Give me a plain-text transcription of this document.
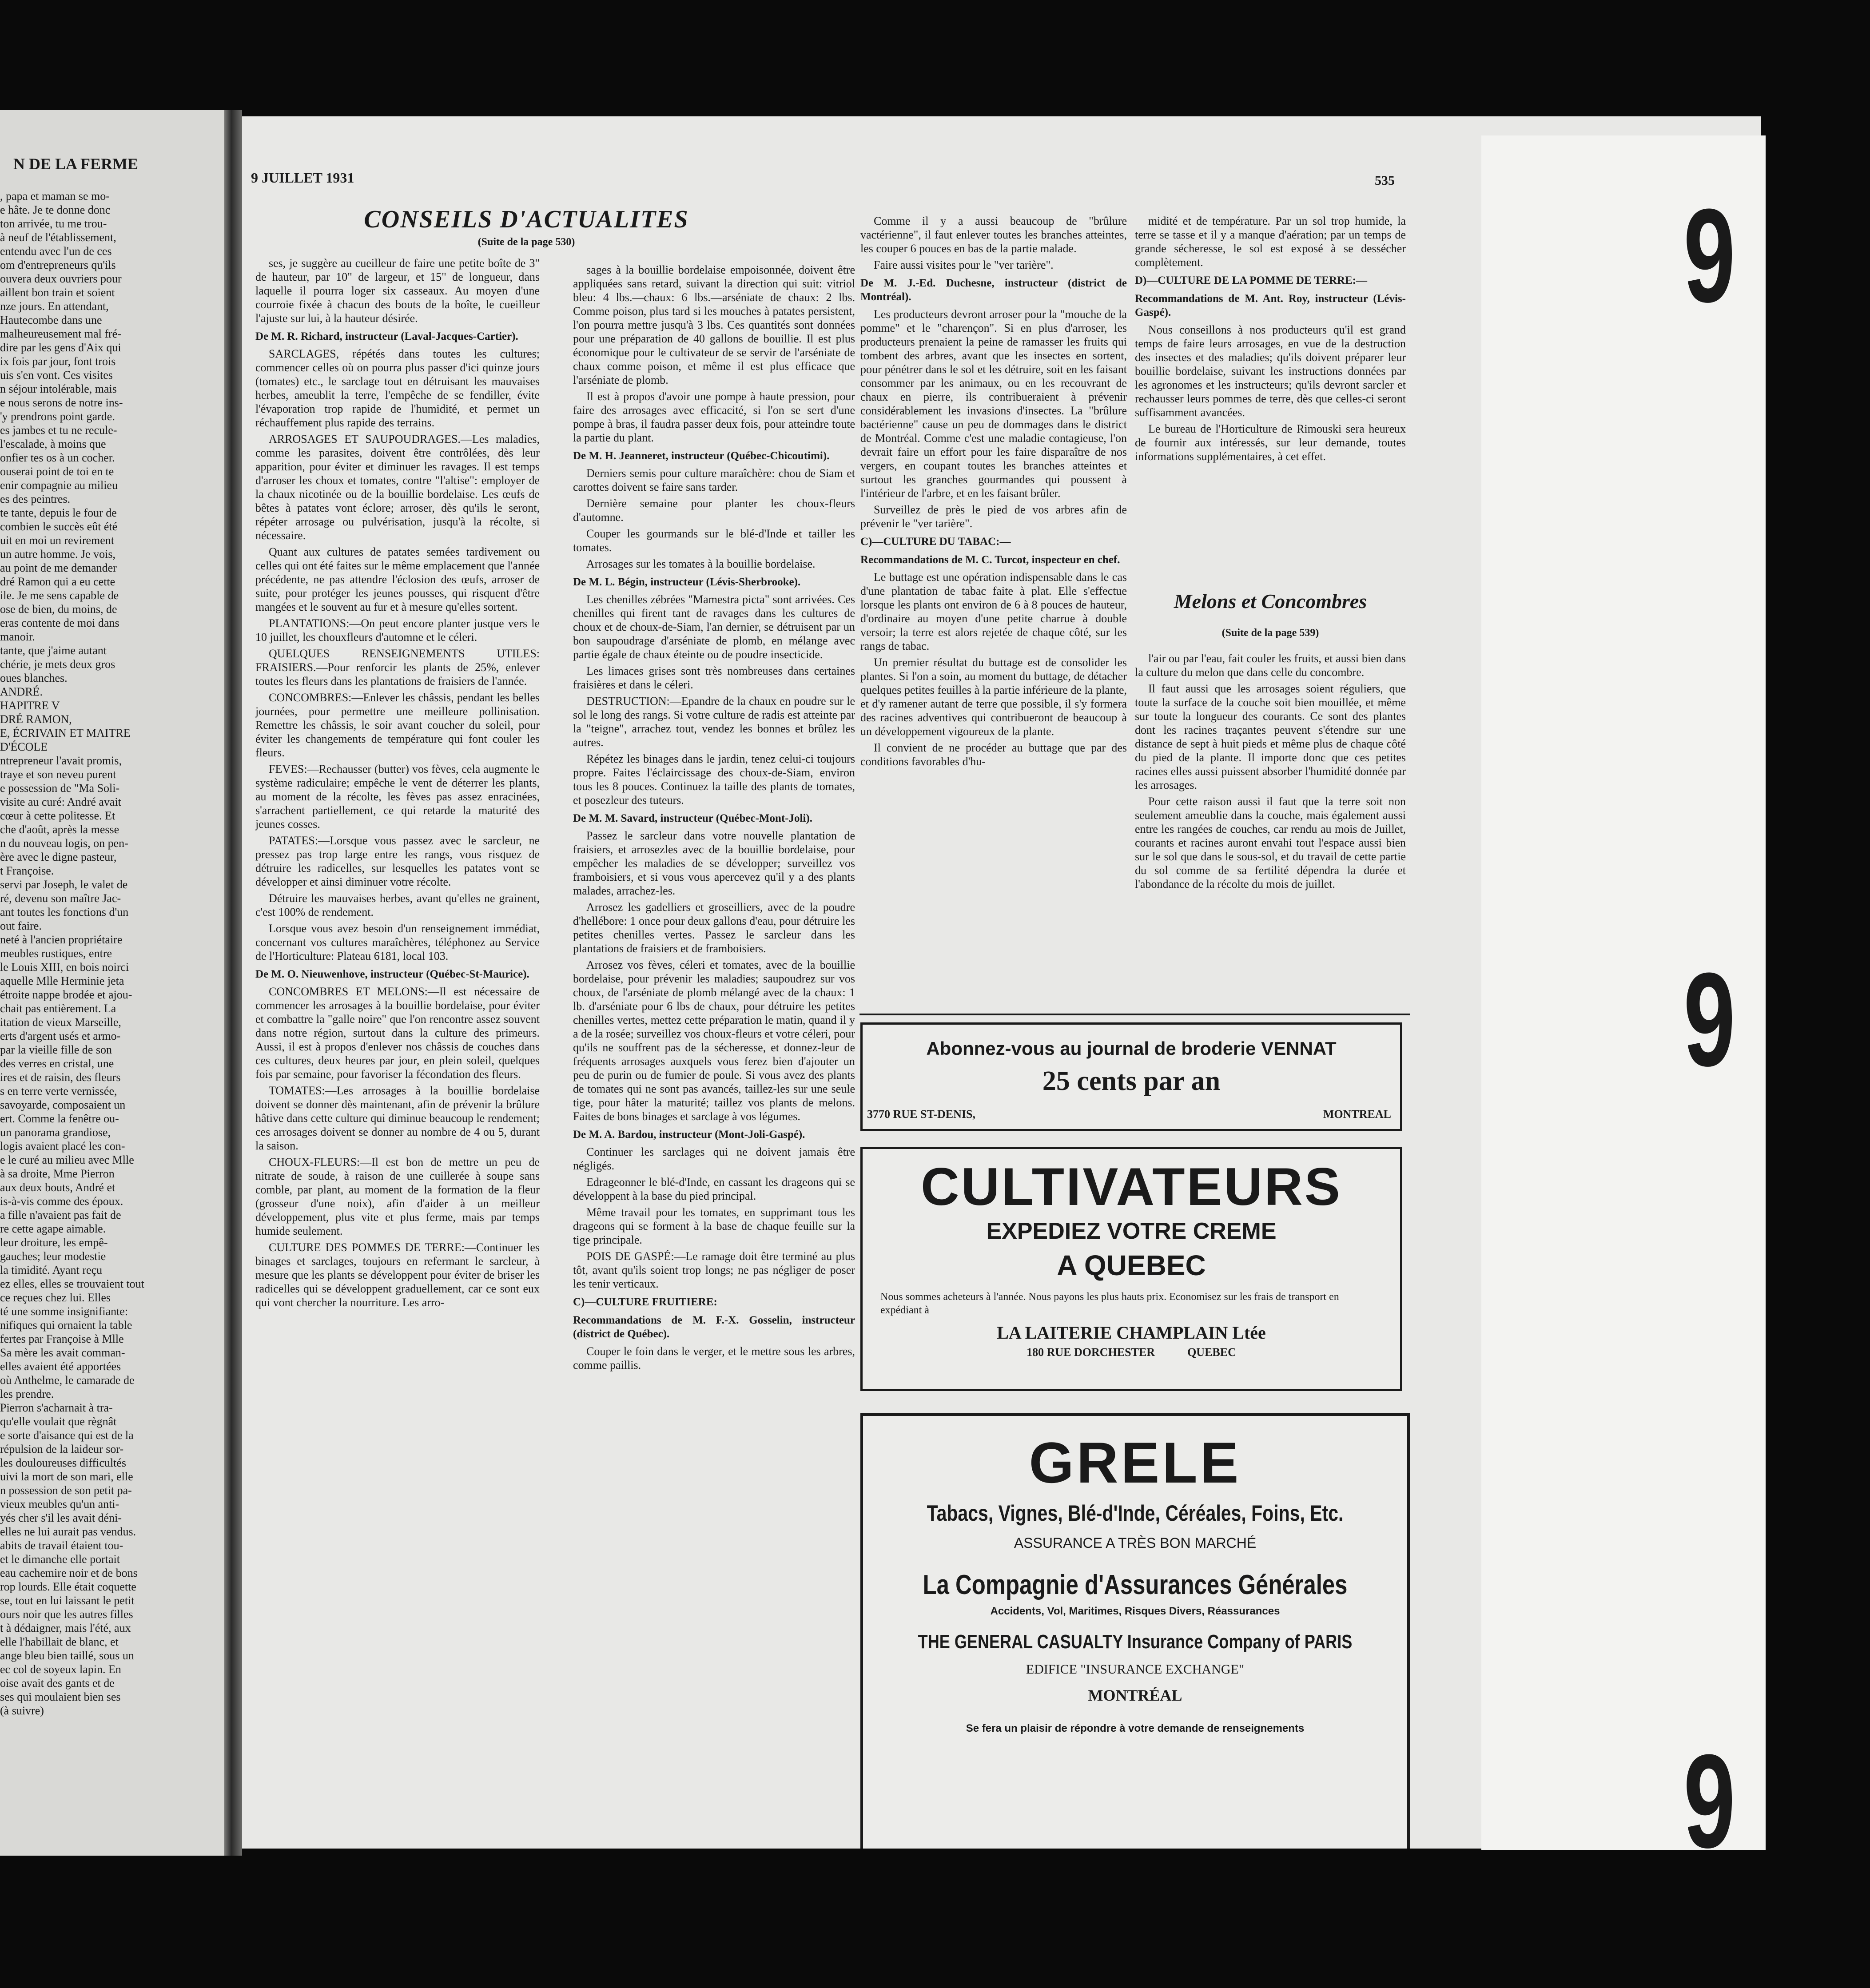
N DE LA FERME

, papa et maman se mo-

e hâte. Je te donne donc

ton arrivée, tu me trou-

à neuf de l'établissement,

entendu avec l'un de ces

om d'entrepreneurs qu'ils

ouvera deux ouvriers pour

aillent bon train et soient

nze jours. En attendant,

Hautecombe dans une

malheureusement mal fré-

dire par les gens d'Aix qui

ix fois par jour, font trois

uis s'en vont. Ces visites

n séjour intolérable, mais

e nous serons de notre ins-

'y prendrons point garde.

es jambes et tu ne recule-

l'escalade, à moins que

onfier tes os à un cocher.

ouserai point de toi en te

enir compagnie au milieu

es des peintres.

te tante, depuis le four de

combien le succès eût été

uit en moi un revirement

un autre homme. Je vois,

au point de me demander

dré Ramon qui a eu cette

ile. Je me sens capable de

ose de bien, du moins, de

eras contente de moi dans

manoir.

tante, que j'aime autant

chérie, je mets deux gros

oues blanches.

ANDRÉ.

HAPITRE V

DRÉ RAMON,

E, ÉCRIVAIN ET MAITRE

D'ÉCOLE

ntrepreneur l'avait promis,

traye et son neveu purent

e possession de "Ma Soli-

visite au curé: André avait

cœur à cette politesse. Et

che d'août, après la messe

n du nouveau logis, on pen-

ère avec le digne pasteur,

t Françoise.

servi par Joseph, le valet de

ré, devenu son maître Jac-

ant toutes les fonctions d'un

out faire.

neté à l'ancien propriétaire

meubles rustiques, entre

le Louis XIII, en bois noirci

aquelle Mlle Herminie jeta

étroite nappe brodée et ajou-

chait pas entièrement. La

itation de vieux Marseille,

erts d'argent usés et armo-

par la vieille fille de son

des verres en cristal, une

ires et de raisin, des fleurs

s en terre verte vernissée,

savoyarde, composaient un

ert. Comme la fenêtre ou-

un panorama grandiose,

logis avaient placé les con-

e le curé au milieu avec Mlle

à sa droite, Mme Pierron

aux deux bouts, André et

is-à-vis comme des époux.

a fille n'avaient pas fait de

re cette agape aimable.

leur droiture, les empê-

gauches; leur modestie

la timidité. Ayant reçu

ez elles, elles se trouvaient tout

ce reçues chez lui. Elles

té une somme insignifiante:

nifiques qui ornaient la table

fertes par Françoise à Mlle

Sa mère les avait comman-

elles avaient été apportées

où Anthelme, le camarade de

les prendre.

Pierron s'acharnait à tra-

qu'elle voulait que règnât

e sorte d'aisance qui est de la

répulsion de la laideur sor-

les douloureuses difficultés

uivi la mort de son mari, elle

n possession de son petit pa-

vieux meubles qu'un anti-

yés cher s'il les avait déni-

elles ne lui aurait pas vendus.

abits de travail étaient tou-

et le dimanche elle portait

eau cachemire noir et de bons

rop lourds. Elle était coquette

se, tout en lui laissant le petit

ours noir que les autres filles

t à dédaigner, mais l'été, aux

elle l'habillait de blanc, et

ange bleu bien taillé, sous un

ec col de soyeux lapin. En

oise avait des gants et de

ses qui moulaient bien ses

(à suivre)

9 JUILLET 1931	535
CONSEILS D'ACTUALITES
(Suite de la page 530)

ses, je suggère au cueilleur de faire une petite boîte de 3" de hauteur, par 10" de largeur, et 15" de longueur, dans laquelle il pourra loger six casseaux. Au moyen d'une courroie fixée à chacun des bouts de la boîte, le cueilleur l'ajuste sur lui, à la hauteur désirée.

De M. R. Richard, instructeur (Laval-Jacques-Cartier).

SARCLAGES, répétés dans toutes les cultures; commencer celles où on pourra plus passer d'ici quinze jours (tomates) etc., le sarclage tout en détruisant les mauvaises herbes, ameublit la terre, l'empêche de se fendiller, évite l'évaporation trop rapide de l'humidité, et permet un réchauffement plus rapide des terrains.

ARROSAGES ET SAUPOUDRAGES.—Les maladies, comme les parasites, doivent être contrôlées, dès leur apparition, pour éviter et diminuer les ravages. Il est temps d'arroser les choux et tomates, contre "l'altise": employer de la chaux nicotinée ou de la bouillie bordelaise. Les œufs de bêtes à patates vont éclore; arroser, dès qu'ils le seront, répéter arrosage ou pulvérisation, jusqu'à la récolte, si nécessaire.

Quant aux cultures de patates semées tardivement ou celles qui ont été faites sur le même emplacement que l'année précédente, ne pas attendre l'éclosion des œufs, arroser de suite, pour protéger les jeunes pousses, qui risquent d'être mangées et le souvent au fur et à mesure qu'elles sortent.

PLANTATIONS:—On peut encore planter jusque vers le 10 juillet, les chouxfleurs d'automne et le céleri.

QUELQUES RENSEIGNEMENTS UTILES: FRAISIERS.—Pour renforcir les plants de 25%, enlever toutes les fleurs dans les plantations de fraisiers de l'année.

CONCOMBRES:—Enlever les châssis, pendant les belles journées, pour permettre une meilleure pollinisation. Remettre les châssis, le soir avant coucher du soleil, pour éviter les changements de température qui font couler les fleurs.

FEVES:—Rechausser (butter) vos fèves, cela augmente le système radiculaire; empêche le vent de déterrer les plants, au moment de la récolte, les fèves pas assez enracinées, s'arrachent partiellement, ce qui retarde la maturité des jeunes cosses.

PATATES:—Lorsque vous passez avec le sarcleur, ne pressez pas trop large entre les rangs, vous risquez de détruire les radicelles, sur lesquelles les patates vont se développer et ainsi diminuer votre récolte.

Détruire les mauvaises herbes, avant qu'elles ne grainent, c'est 100% de rendement.

Lorsque vous avez besoin d'un renseignement immédiat, concernant vos cultures maraîchères, téléphonez au Service de l'Horticulture: Plateau 6181, local 103.

De M. O. Nieuwenhove, instructeur (Québec-St-Maurice).

CONCOMBRES ET MELONS:—Il est nécessaire de commencer les arrosages à la bouillie bordelaise, pour éviter et combattre la "galle noire" que l'on rencontre assez souvent dans notre région, surtout dans la culture des primeurs. Aussi, il est à propos d'enlever nos châssis de couches dans ces cultures, deux heures par jour, en plein soleil, quelques fois par semaine, pour favoriser la fécondation des fleurs.

TOMATES:—Les arrosages à la bouillie bordelaise doivent se donner dès maintenant, afin de prévenir la brûlure hâtive dans cette culture qui diminue beaucoup le rendement; ces arrosages doivent se donner au nombre de 4 ou 5, durant la saison.

CHOUX-FLEURS:—Il est bon de mettre un peu de nitrate de soude, à raison de une cuillerée à soupe sans comble, par plant, au moment de la formation de la fleur (grosseur d'une noix), afin d'aider à un meilleur développement, plus vite et plus ferme, mais par temps humide seulement.

CULTURE DES POMMES DE TERRE:—Continuer les binages et sarclages, toujours en refermant le sarcleur, à mesure que les plants se développent pour éviter de briser les radicelles qui se développent graduellement, car ce sont eux qui vont chercher la nourriture. Les arro-

sages à la bouillie bordelaise empoisonnée, doivent être appliquées sans retard, suivant la direction qui suit: vitriol bleu: 4 lbs.—chaux: 6 lbs.—arséniate de chaux: 2 lbs. Comme poison, plus tard si les mouches à patates persistent, l'on pourra mettre jusqu'à 3 lbs. Ces quantités sont données pour une préparation de 40 gallons de bouillie. Il est plus économique pour le cultivateur de se servir de l'arséniate de chaux comme poison, et même il est plus efficace que l'arséniate de plomb.

Il est à propos d'avoir une pompe à haute pression, pour faire des arrosages avec efficacité, si l'on se sert d'une pompe à bras, il faudra passer deux fois, pour atteindre toute la partie du plant.

De M. H. Jeanneret, instructeur (Québec-Chicoutimi).

Derniers semis pour culture maraîchère: chou de Siam et carottes doivent se faire sans tarder.

Dernière semaine pour planter les choux-fleurs d'automne.

Couper les gourmands sur le blé-d'Inde et tailler les tomates.

Arrosages sur les tomates à la bouillie bordelaise.

De M. L. Bégin, instructeur (Lévis-Sherbrooke).

Les chenilles zébrées "Mamestra picta" sont arrivées. Ces chenilles qui firent tant de ravages dans les cultures de choux et de choux-de-Siam, l'an dernier, se détruisent par un bon saupoudrage d'arséniate de plomb, en mélange avec partie égale de chaux éteinte ou de poudre insecticide.

Les limaces grises sont très nombreuses dans certaines fraisières et dans le céleri.

DESTRUCTION:—Epandre de la chaux en poudre sur le sol le long des rangs. Si votre culture de radis est atteinte par la "teigne", arrachez tout, vendez les bonnes et brûlez les autres.

Répétez les binages dans le jardin, tenez celui-ci toujours propre. Faites l'éclaircissage des choux-de-Siam, environ tous les 8 pouces. Continuez la taille des plants de tomates, et posezleur des tuteurs.

De M. M. Savard, instructeur (Québec-Mont-Joli).

Passez le sarcleur dans votre nouvelle plantation de fraisiers, et arrosezles avec de la bouillie bordelaise, pour empêcher les maladies de se développer; surveillez vos framboisiers, et si vous vous apercevez qu'il y a des plants malades, arrachez-les.

Arrosez les gadelliers et groseilliers, avec de la poudre d'hellébore: 1 once pour deux gallons d'eau, pour détruire les petites chenilles vertes. Passez le sarcleur dans les plantations de fraisiers et de framboisiers.

Arrosez vos fèves, céleri et tomates, avec de la bouillie bordelaise, pour prévenir les maladies; saupoudrez sur vos choux, de l'arséniate de plomb mélangé avec de la chaux: 1 lb. d'arséniate pour 6 lbs de chaux, pour détruire les petites chenilles vertes, mettez cette préparation le matin, quand il y a de la rosée; surveillez vos choux-fleurs et votre céleri, pour qu'ils ne souffrent pas de la sécheresse, et donnez-leur de fréquents arrosages auxquels vous ferez bien d'ajouter un peu de purin ou de fumier de poule. Si vous avez des plants de tomates qui ne sont pas avancés, taillez-les sur une seule tige, pour hâter la maturité; taillez vos plants de melons. Faites de bons binages et sarclage à vos légumes.

De M. A. Bardou, instructeur (Mont-Joli-Gaspé).

Continuer les sarclages qui ne doivent jamais être négligés.

Edrageonner le blé-d'Inde, en cassant les drageons qui se développent à la base du pied principal.

Même travail pour les tomates, en supprimant tous les drageons qui se forment à la base de chaque feuille sur la tige principale.

POIS DE GASPÉ:—Le ramage doit être terminé au plus tôt, avant qu'ils soient trop longs; ne pas négliger de poser les tenir verticaux.

C)—CULTURE FRUITIERE:

Recommandations de M. F.-X. Gosselin, instructeur (district de Québec).

Couper le foin dans le verger, et le mettre sous les arbres, comme paillis.

Comme il y a aussi beaucoup de "brûlure vactérienne", il faut enlever toutes les branches atteintes, les couper 6 pouces en bas de la partie malade.

Faire aussi visites pour le "ver tarière".

De M. J.-Ed. Duchesne, instructeur (district de Montréal).

Les producteurs devront arroser pour la "mouche de la pomme" et le "charençon". Si en plus d'arroser, les producteurs prenaient la peine de ramasser les fruits qui tombent des arbres, avant que les insectes en sortent, pour pénétrer dans le sol et les détruire, soit en les faisant consommer par les animaux, ou en les recouvrant de chaux en pierre, ils contribueraient à prévenir considérablement les invasions d'insectes. La "brûlure bactérienne" cause un peu de dommages dans le district de Montréal. Comme c'est une maladie contagieuse, l'on devrait faire un effort pour les faire disparaître de nos vergers, en coupant toutes les branches atteintes et surtout les granches gourmandes qui poussent à l'intérieur de l'arbre, et en les faisant brûler.

Surveillez de près le pied de vos arbres afin de prévenir le "ver tarière".

C)—CULTURE DU TABAC:—

Recommandations de M. C. Turcot, inspecteur en chef.

Le buttage est une opération indispensable dans le cas d'une plantation de tabac faite à plat. Elle s'effectue lorsque les plants ont environ de 6 à 8 pouces de hauteur, d'ordinaire au moyen d'une petite charrue à double versoir; la terre est alors rejetée de chaque côté, sur les rangs de tabac.

Un premier résultat du buttage est de consolider les plantes. Si l'on a soin, au moment du buttage, de détacher quelques petites feuilles à la partie inférieure de la plante, et d'y ramener autant de terre que possible, il s'y formera des racines adventives qui contribueront de beaucoup à un développement vigoureux de la plante.

Il convient de ne procéder au buttage que par des conditions favorables d'hu-

midité et de température. Par un sol trop humide, la terre se tasse et il y a manque d'aération; par un temps de grande sécheresse, le sol est exposé à se dessécher complètement.

D)—CULTURE DE LA POMME DE TERRE:—

Recommandations de M. Ant. Roy, instructeur (Lévis-Gaspé).

Nous conseillons à nos producteurs qu'il est grand temps de faire leurs arrosages, en vue de la destruction des insectes et des maladies; qu'ils doivent préparer leur bouillie bordelaise, suivant les instructions données par les agronomes et les instructeurs; qu'ils devront sarcler et rechausser leurs pommes de terre, dès que celles-ci seront suffisamment avancées.

Le bureau de l'Horticulture de Rimouski sera heureux de fournir aux intéressés, sur leur demande, toutes informations supplémentaires, à cet effet.

Melons et Concombres
(Suite de la page 539)

l'air ou par l'eau, fait couler les fruits, et aussi bien dans la culture du melon que dans celle du concombre.

Il faut aussi que les arrosages soient réguliers, que toute la surface de la couche soit bien mouillée, et même sur toute la longueur des courants. Ce sont des plantes dont les racines traçantes peuvent s'étendre sur une distance de sept à huit pieds et même plus de chaque côté du pied de la plante. Il importe donc que ces petites racines elles aussi puissent absorber l'humidité donnée par les arrosages.

Pour cette raison aussi il faut que la terre soit non seulement ameublie dans la couche, mais également aussi entre les rangées de couches, car rendu au mois de Juillet, courants et racines auront envahi tout l'espace aussi bien sur le sol que dans le sous-sol, et du travail de cette partie du sol comme de sa fertilité dépendra la durée et l'abondance de la récolte du mois de juillet.

Abonnez-vous au journal de broderie VENNAT
25 cents par an
3770 RUE ST-DENIS,	MONTREAL
CULTIVATEURS
EXPEDIEZ VOTRE CREME
A QUEBEC
Nous sommes acheteurs à l'année. Nous payons les plus hauts prix. Economisez sur les frais de transport en expédiant à
LA LAITERIE CHAMPLAIN Ltée
180 RUE DORCHESTER	QUEBEC
GRELE
Tabacs, Vignes, Blé-d'Inde, Céréales, Foins, Etc.
ASSURANCE A TRÈS BON MARCHÉ
La Compagnie d'Assurances Générales
Accidents, Vol, Maritimes, Risques Divers, Réassurances
THE GENERAL CASUALTY Insurance Company of PARIS
EDIFICE "INSURANCE EXCHANGE"
MONTRÉAL
Se fera un plaisir de répondre à votre demande de renseignements
9
9
9
